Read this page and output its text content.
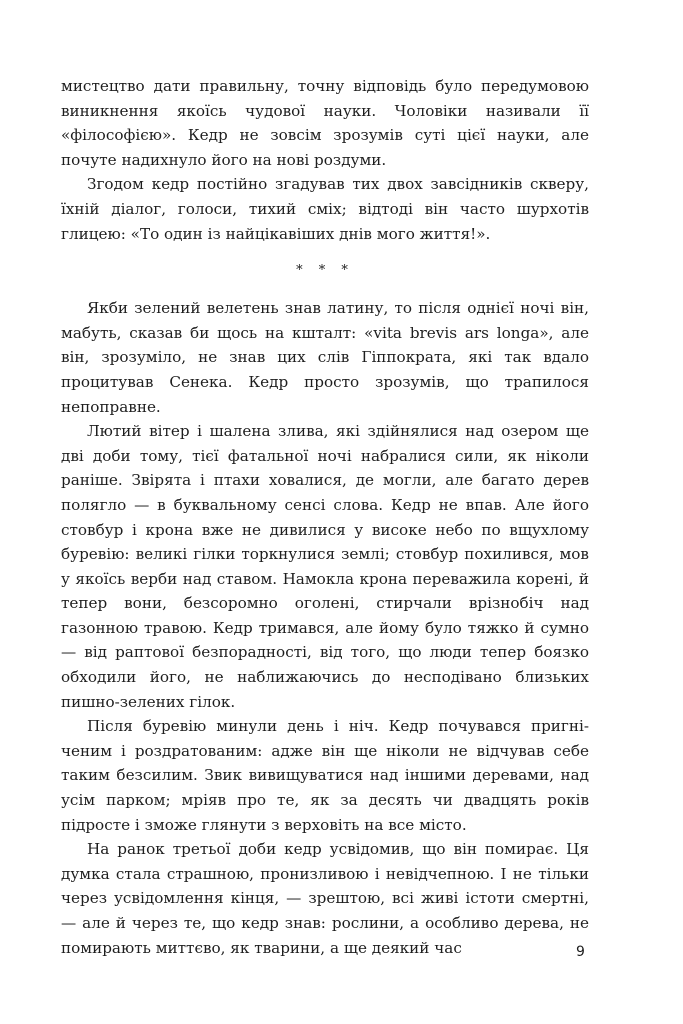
мистецтво дати правильну, точну відповідь було передумовою виникнення якоїсь чудової науки. Чоловіки називали її «філософією». Кедр не зовсім зрозумів суті цієї науки, але почуте надихнуло його на нові роздуми.

Згодом кедр постійно згадував тих двох завсідників скверу, їхній діалог, голоси, тихий сміх; відтоді він часто шурхотів глицею: «То один із найцікавіших днів мого життя!».

* * *

Якби зелений велетень знав латину, то після однієї ночі він, мабуть, сказав би щось на кшталт: «vita brevis ars longa», але він, зрозуміло, не знав цих слів Гіппократа, які так вдало процитував Сенека. Кедр просто зрозумів, що трапилося непоправне.

Лютий вітер і шалена злива, які здійнялися над озером ще дві доби тому, тієї фатальної ночі набралися сили, як ніколи раніше. Звірята і птахи ховалися, де могли, але багато дерев полягло — в буквальному сенсі слова. Кедр не впав. Але його стовбур і крона вже не дивилися у високе небо по вщухлому буревію: великі гілки торкнулися землі; стовбур похилився, мов у якоїсь верби над ставом. Намокла крона переважила корені, й тепер вони, безсоромно оголені, стирчали врізнобіч над газонною травою. Кедр тримався, але йому було тяжко й сумно — від раптової безпорадності, від того, що люди тепер боязко обходили його, не наближаючись до несподівано близьких пишно-зелених гілок.

Після буревію минули день і ніч. Кедр почувався пригніченим і роздратованим: адже він ще ніколи не відчував себе таким безсилим. Звик вивищуватися над іншими деревами, над усім парком; мріяв про те, як за десять чи двадцять років підросте і зможе глянути з верховіть на все місто.

На ранок третьої доби кедр усвідомив, що він помирає. Ця думка стала страшною, пронизливою і невідчепною. І не тільки через усвідомлення кінця, — зрештою, всі живі істоти смертні, — але й через те, що кедр знав: рослини, а особливо дерева, не помирають миттєво, як тварини, а ще деякий час	9
